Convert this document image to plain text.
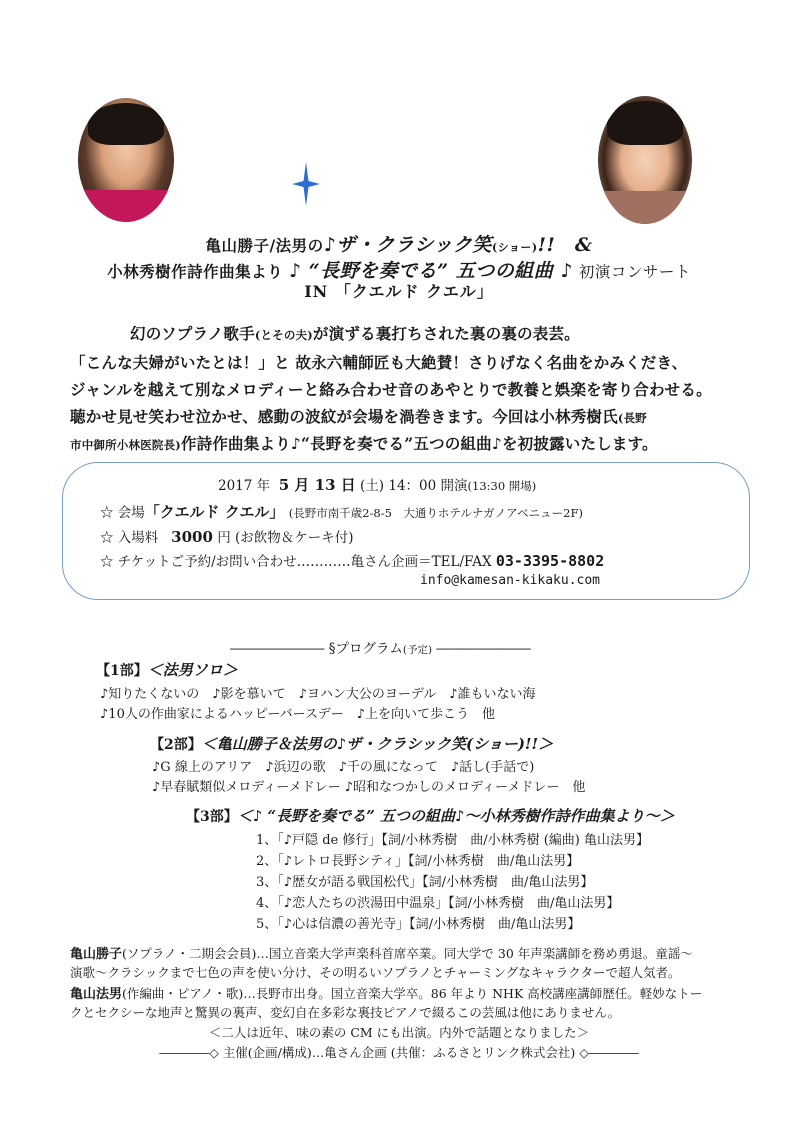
亀山勝子/法男の♪ザ・クラシック笑(ショー)!!　&
小林秀樹作詩作曲集より ♪ “長野を奏でる” 五つの組曲 ♪ 初演コンサート
IN 「クエルド クエル」
幻のソプラノ歌手(とその夫)が演ずる裏打ちされた裏の裏の表芸。
「こんな夫婦がいたとは！」と 故永六輔師匠も大絶賛！さりげなく名曲をかみくだき、
ジャンルを越えて別なメロディーと絡み合わせ音のあやとりで教養と娯楽を寄り合わせる。
聴かせ見せ笑わせ泣かせ、感動の波紋が会場を渦巻きます。今回は小林秀樹氏(長野
市中御所小林医院長)作詩作曲集より♪“長野を奏でる”五つの組曲♪を初披露いたします。
2017 年 5 月 13 日 (土) 14：00 開演(13:30 開場)
☆ 会場「クエルド クエル」 (長野市南千歳2-8-5　大通りホテルナガノアベニュー2F)
☆ 入場料 3000 円 (お飲物＆ケーキ付)
☆ チケットご予約/お問い合わせ…………亀さん企画＝TEL/FAX 03-3395-8802
info@kamesan-kikaku.com
――――――― §プログラム(予定) ―――――――
【1部】＜法男ソロ＞
♪知りたくないの　♪影を慕いて　♪ヨハン大公のヨーデル　♪誰もいない海
♪10人の作曲家によるハッピーバースデー　♪上を向いて歩こう　他
【2部】＜亀山勝子＆法男の♪ザ・クラシック笑(ショー)!!＞
♪G 線上のアリア　♪浜辺の歌　♪千の風になって　♪話し(手話で)
♪早春賦類似メロディーメドレー ♪昭和なつかしのメロディーメドレー　他
【3部】＜♪ “長野を奏でる” 五つの組曲♪～小林秀樹作詩作曲集より～＞
1、「♪戸隠 de 修行」【詞/小林秀樹　曲/小林秀樹 (編曲) 亀山法男】
2、「♪レトロ長野シティ」【詞/小林秀樹　曲/亀山法男】
3、「♪歴女が語る戦国松代」【詞/小林秀樹　曲/亀山法男】
4、「♪恋人たちの渋湯田中温泉」【詞/小林秀樹　曲/亀山法男】
5、「♪心は信濃の善光寺」【詞/小林秀樹　曲/亀山法男】
亀山勝子(ソプラノ・二期会会員)…国立音楽大学声楽科首席卒業。同大学で 30 年声楽講師を務め勇退。童謡～
演歌～クラシックまで七色の声を使い分け、その明るいソプラノとチャーミングなキャラクターで超人気者。
亀山法男(作編曲・ピアノ・歌)…長野市出身。国立音楽大学卒。86 年より NHK 高校講座講師歴任。軽妙なトー
クとセクシーな地声と驚異の裏声、変幻自在多彩な裏技ピアノで綴るこの芸風は他にありません。
＜二人は近年、味の素の CM にも出演。内外で話題となりました＞
――――◇ 主催(企画/構成)…亀さん企画 (共催：ふるさとリンク株式会社) ◇――――
